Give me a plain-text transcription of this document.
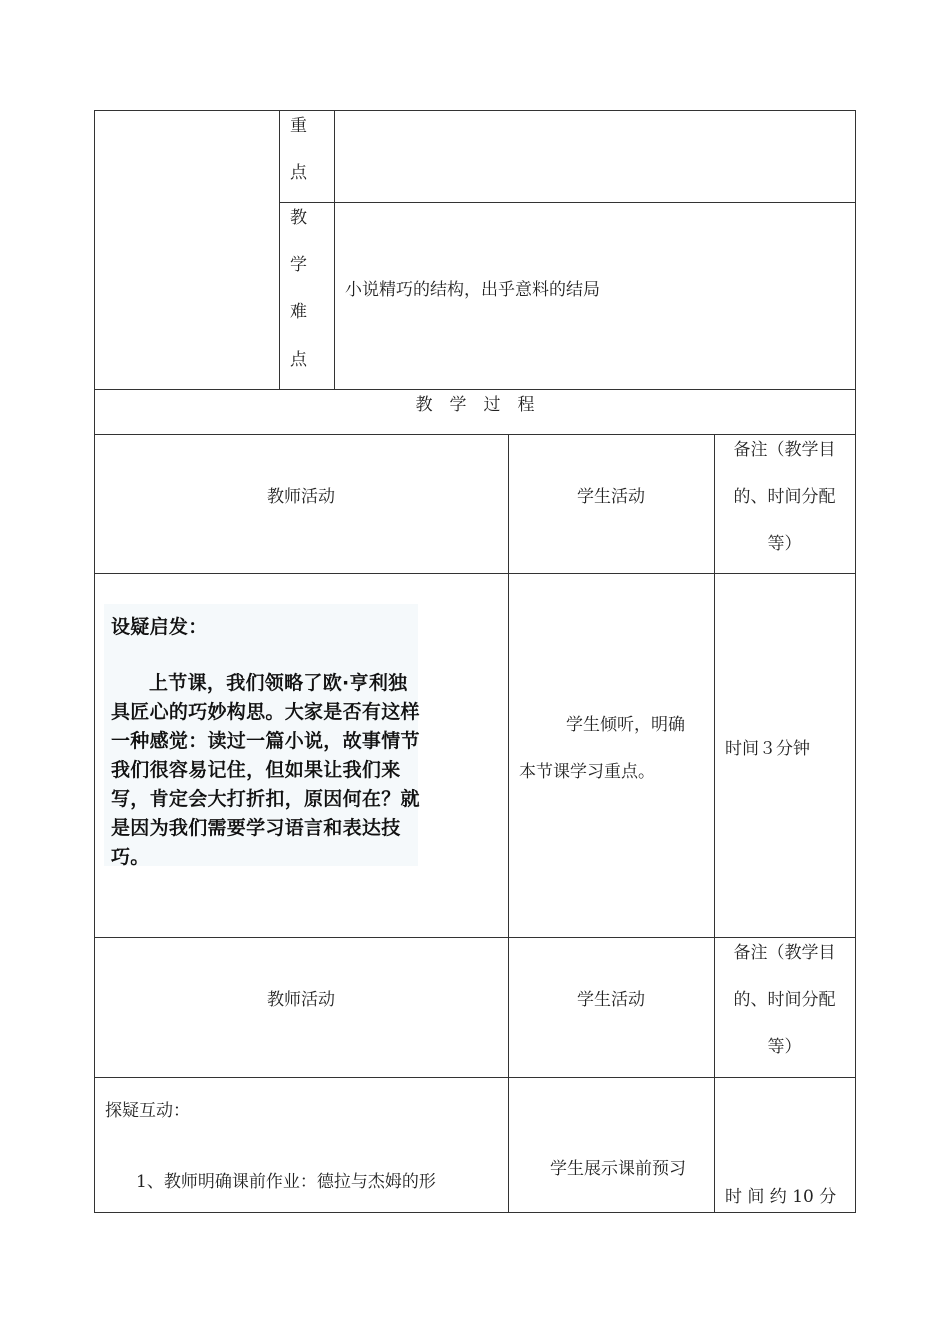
重
点
教
学
难
点
小说精巧的结构，出乎意料的结局
教　学　过　程
教师活动	学生活动
备注（教学目
的、时间分配
等）
设疑启发：
上节课，我们领略了欧·亨利独
具匠心的巧妙构思。大家是否有这样
一种感觉：读过一篇小说，故事情节
我们很容易记住，但如果让我们来
写，肯定会大打折扣，原因何在？就
是因为我们需要学习语言和表达技
巧。
学生倾听，明确
本节课学习重点。
时间３分钟
教师活动	学生活动
备注（教学目
的、时间分配
等）
探疑互动：
1、教师明确课前作业：德拉与杰姆的形
学生展示课前预习
时 间 约 10 分
